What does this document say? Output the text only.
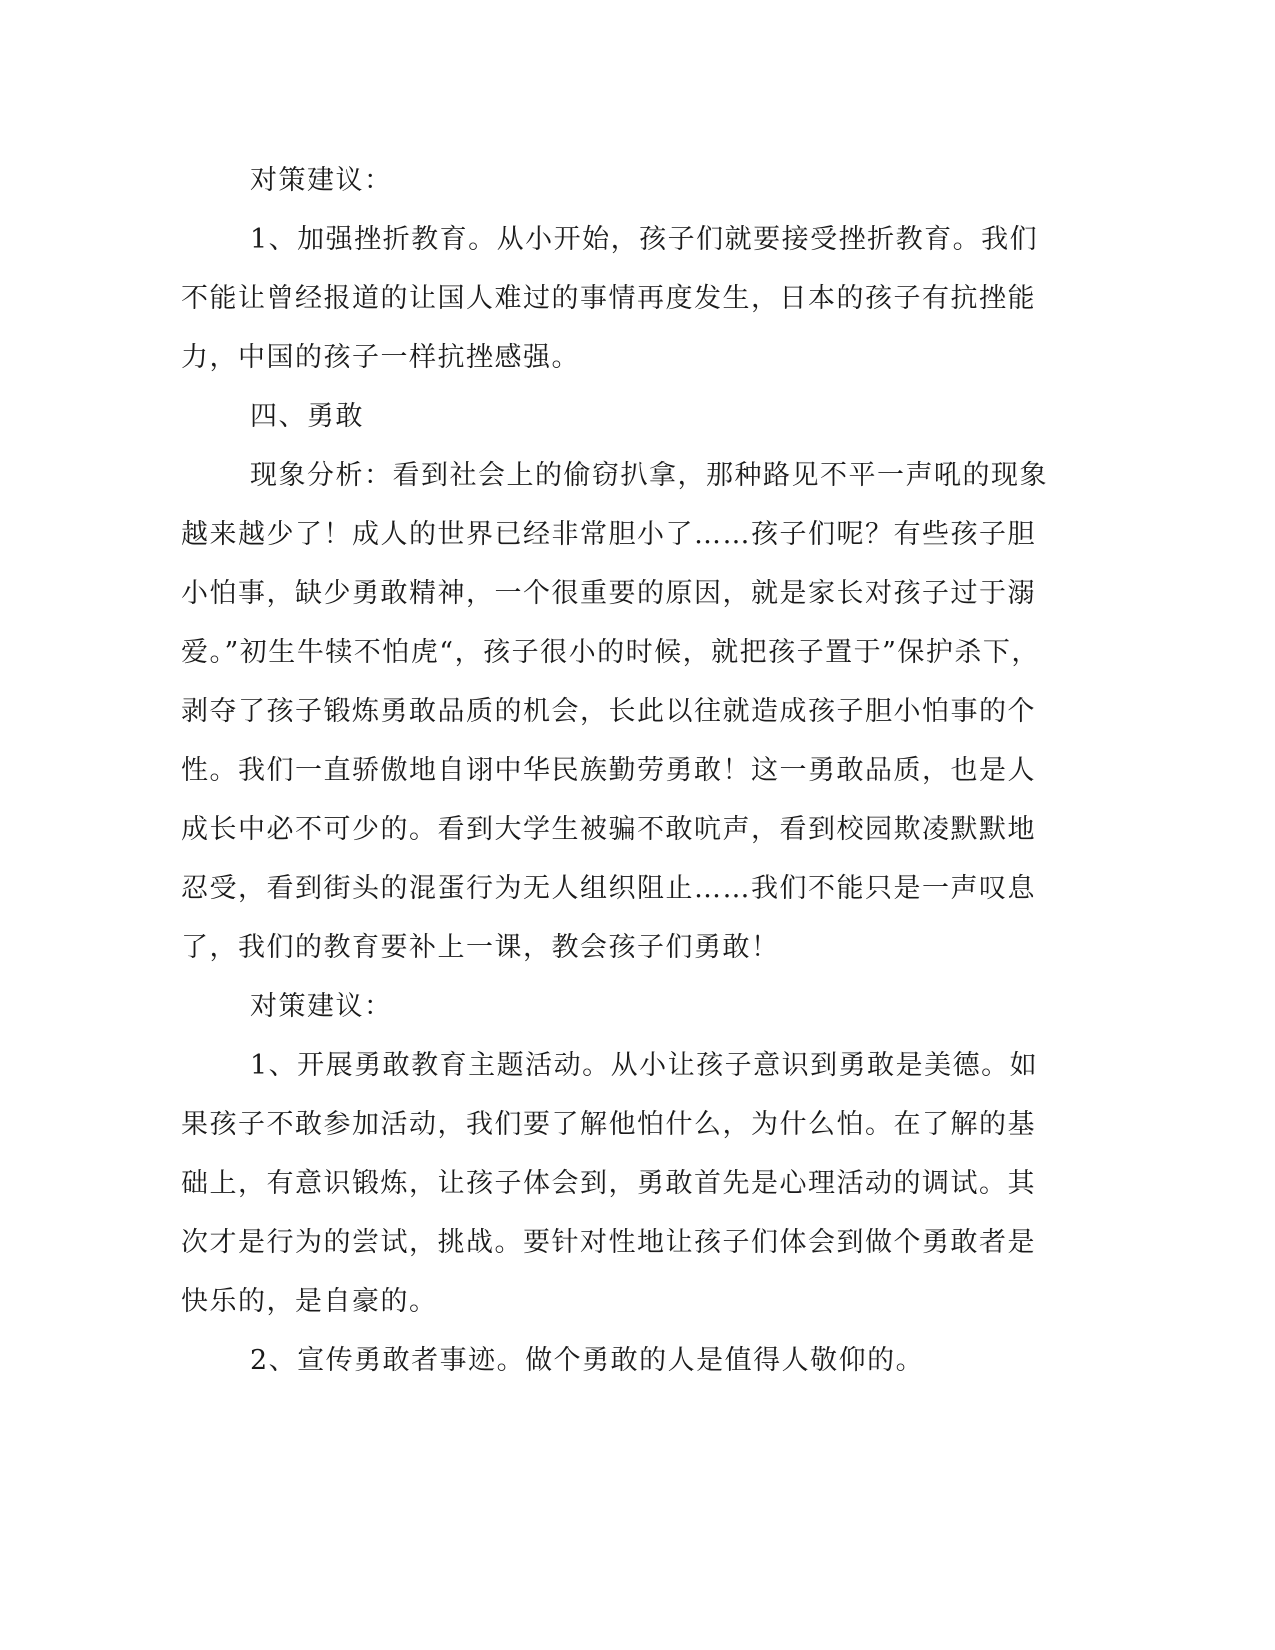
对策建议：
1、加强挫折教育。从小开始，孩子们就要接受挫折教育。我们
不能让曾经报道的让国人难过的事情再度发生，日本的孩子有抗挫能
力，中国的孩子一样抗挫感强。
四、勇敢
现象分析：看到社会上的偷窃扒拿，那种路见不平一声吼的现象
越来越少了！成人的世界已经非常胆小了……孩子们呢？有些孩子胆
小怕事，缺少勇敢精神，一个很重要的原因，就是家长对孩子过于溺
爱。”初生牛犊不怕虎“，孩子很小的时候，就把孩子置于”保护杀下，
剥夺了孩子锻炼勇敢品质的机会，长此以往就造成孩子胆小怕事的个
性。我们一直骄傲地自诩中华民族勤劳勇敢！这一勇敢品质，也是人
成长中必不可少的。看到大学生被骗不敢吭声，看到校园欺凌默默地
忍受，看到街头的混蛋行为无人组织阻止……我们不能只是一声叹息
了，我们的教育要补上一课，教会孩子们勇敢！
对策建议：
1、开展勇敢教育主题活动。从小让孩子意识到勇敢是美德。如
果孩子不敢参加活动，我们要了解他怕什么，为什么怕。在了解的基
础上，有意识锻炼，让孩子体会到，勇敢首先是心理活动的调试。其
次才是行为的尝试，挑战。要针对性地让孩子们体会到做个勇敢者是
快乐的，是自豪的。
2、宣传勇敢者事迹。做个勇敢的人是值得人敬仰的。
